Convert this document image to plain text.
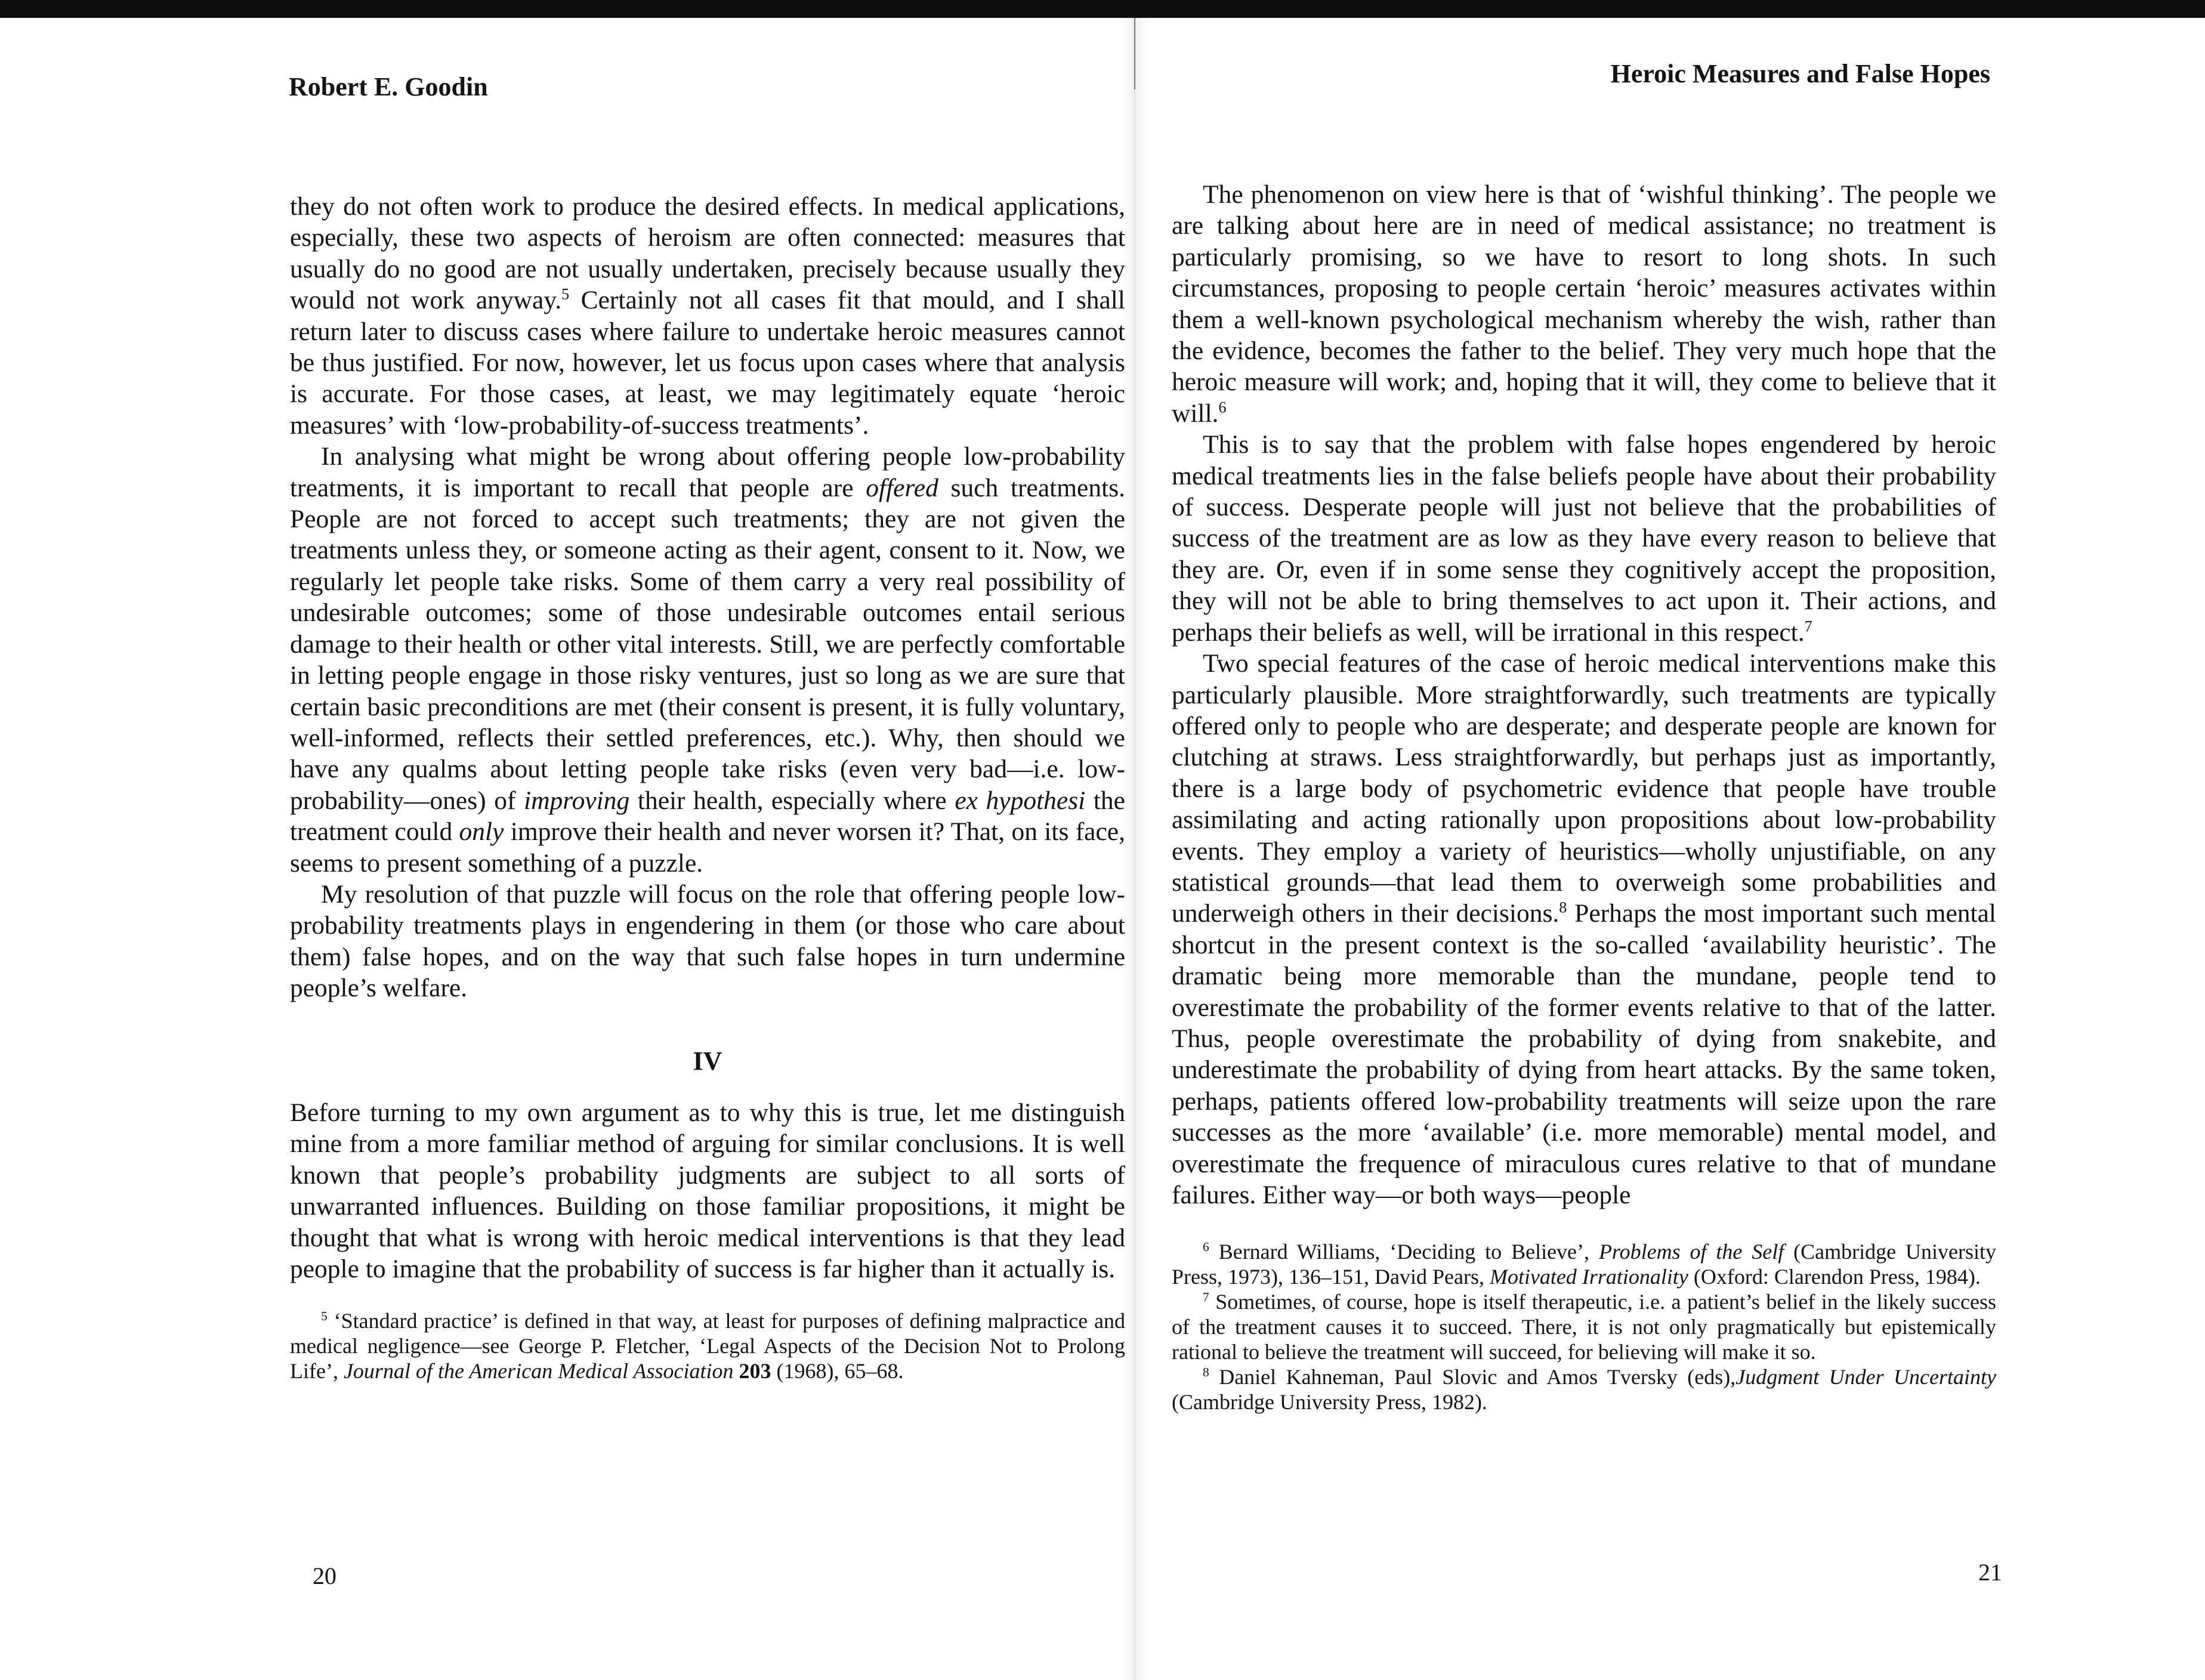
Robert E. Goodin

they do not often work to produce the desired effects. In medical applications, especially, these two aspects of heroism are often connected: measures that usually do no good are not usually undertaken, precisely because usually they would not work anyway.$^5$ Certainly not all cases fit that mould, and I shall return later to discuss cases where failure to undertake heroic measures cannot be thus justified. For now, however, let us focus upon cases where that analysis is accurate. For those cases, at least, we may legitimately equate ‘heroic measures’ with ‘low-probability-of-success treatments’.

In analysing what might be wrong about offering people low-probability treatments, it is important to recall that people are offered such treatments. People are not forced to accept such treatments; they are not given the treatments unless they, or someone acting as their agent, consent to it. Now, we regularly let people take risks. Some of them carry a very real possibility of undesirable outcomes; some of those undesirable outcomes entail serious damage to their health or other vital interests. Still, we are perfectly comfortable in letting people engage in those risky ventures, just so long as we are sure that certain basic preconditions are met (their consent is present, it is fully voluntary, well-informed, reflects their settled preferences, etc.). Why, then should we have any qualms about letting people take risks (even very bad—i.e. low-probability—ones) of improving their health, especially where ex hypothesi the treatment could only improve their health and never worsen it? That, on its face, seems to present something of a puzzle.

My resolution of that puzzle will focus on the role that offering people low-probability treatments plays in engendering in them (or those who care about them) false hopes, and on the way that such false hopes in turn undermine people’s welfare.

IV

Before turning to my own argument as to why this is true, let me distinguish mine from a more familiar method of arguing for similar conclusions. It is well known that people’s probability judgments are subject to all sorts of unwarranted influences. Building on those familiar propositions, it might be thought that what is wrong with heroic medical interventions is that they lead people to imagine that the probability of success is far higher than it actually is.

$^5$ ‘Standard practice’ is defined in that way, at least for purposes of defining malpractice and medical negligence—see George P. Fletcher, ‘Legal Aspects of the Decision Not to Prolong Life’, Journal of the American Medical Association 203 (1968), 65–68.

20
Heroic Measures and False Hopes

The phenomenon on view here is that of ‘wishful thinking’. The people we are talking about here are in need of medical assistance; no treatment is particularly promising, so we have to resort to long shots. In such circumstances, proposing to people certain ‘heroic’ measures activates within them a well-known psychological mechanism whereby the wish, rather than the evidence, becomes the father to the belief. They very much hope that the heroic measure will work; and, hoping that it will, they come to believe that it will.$^6$

This is to say that the problem with false hopes engendered by heroic medical treatments lies in the false beliefs people have about their probability of success. Desperate people will just not believe that the probabilities of success of the treatment are as low as they have every reason to believe that they are. Or, even if in some sense they cognitively accept the proposition, they will not be able to bring themselves to act upon it. Their actions, and perhaps their beliefs as well, will be irrational in this respect.$^7$

Two special features of the case of heroic medical interventions make this particularly plausible. More straightforwardly, such treatments are typically offered only to people who are desperate; and desperate people are known for clutching at straws. Less straightforwardly, but perhaps just as importantly, there is a large body of psychometric evidence that people have trouble assimilating and acting rationally upon propositions about low-probability events. They employ a variety of heuristics—wholly unjustifiable, on any statistical grounds—that lead them to overweigh some probabilities and underweigh others in their decisions.$^8$ Perhaps the most important such mental shortcut in the present context is the so-called ‘availability heuristic’. The dramatic being more memorable than the mundane, people tend to overestimate the probability of the former events relative to that of the latter. Thus, people overestimate the probability of dying from snakebite, and underestimate the probability of dying from heart attacks. By the same token, perhaps, patients offered low-probability treatments will seize upon the rare successes as the more ‘available’ (i.e. more memorable) mental model, and overestimate the frequence of miraculous cures relative to that of mundane failures. Either way—or both ways—people

$^6$ Bernard Williams, ‘Deciding to Believe’, Problems of the Self (Cambridge University Press, 1973), 136–151, David Pears, Motivated Irrationality (Oxford: Clarendon Press, 1984).

$^7$ Sometimes, of course, hope is itself therapeutic, i.e. a patient’s belief in the likely success of the treatment causes it to succeed. There, it is not only pragmatically but epistemically rational to believe the treatment will succeed, for believing will make it so.

$^8$ Daniel Kahneman, Paul Slovic and Amos Tversky (eds),Judgment Under Uncertainty (Cambridge University Press, 1982).

21
